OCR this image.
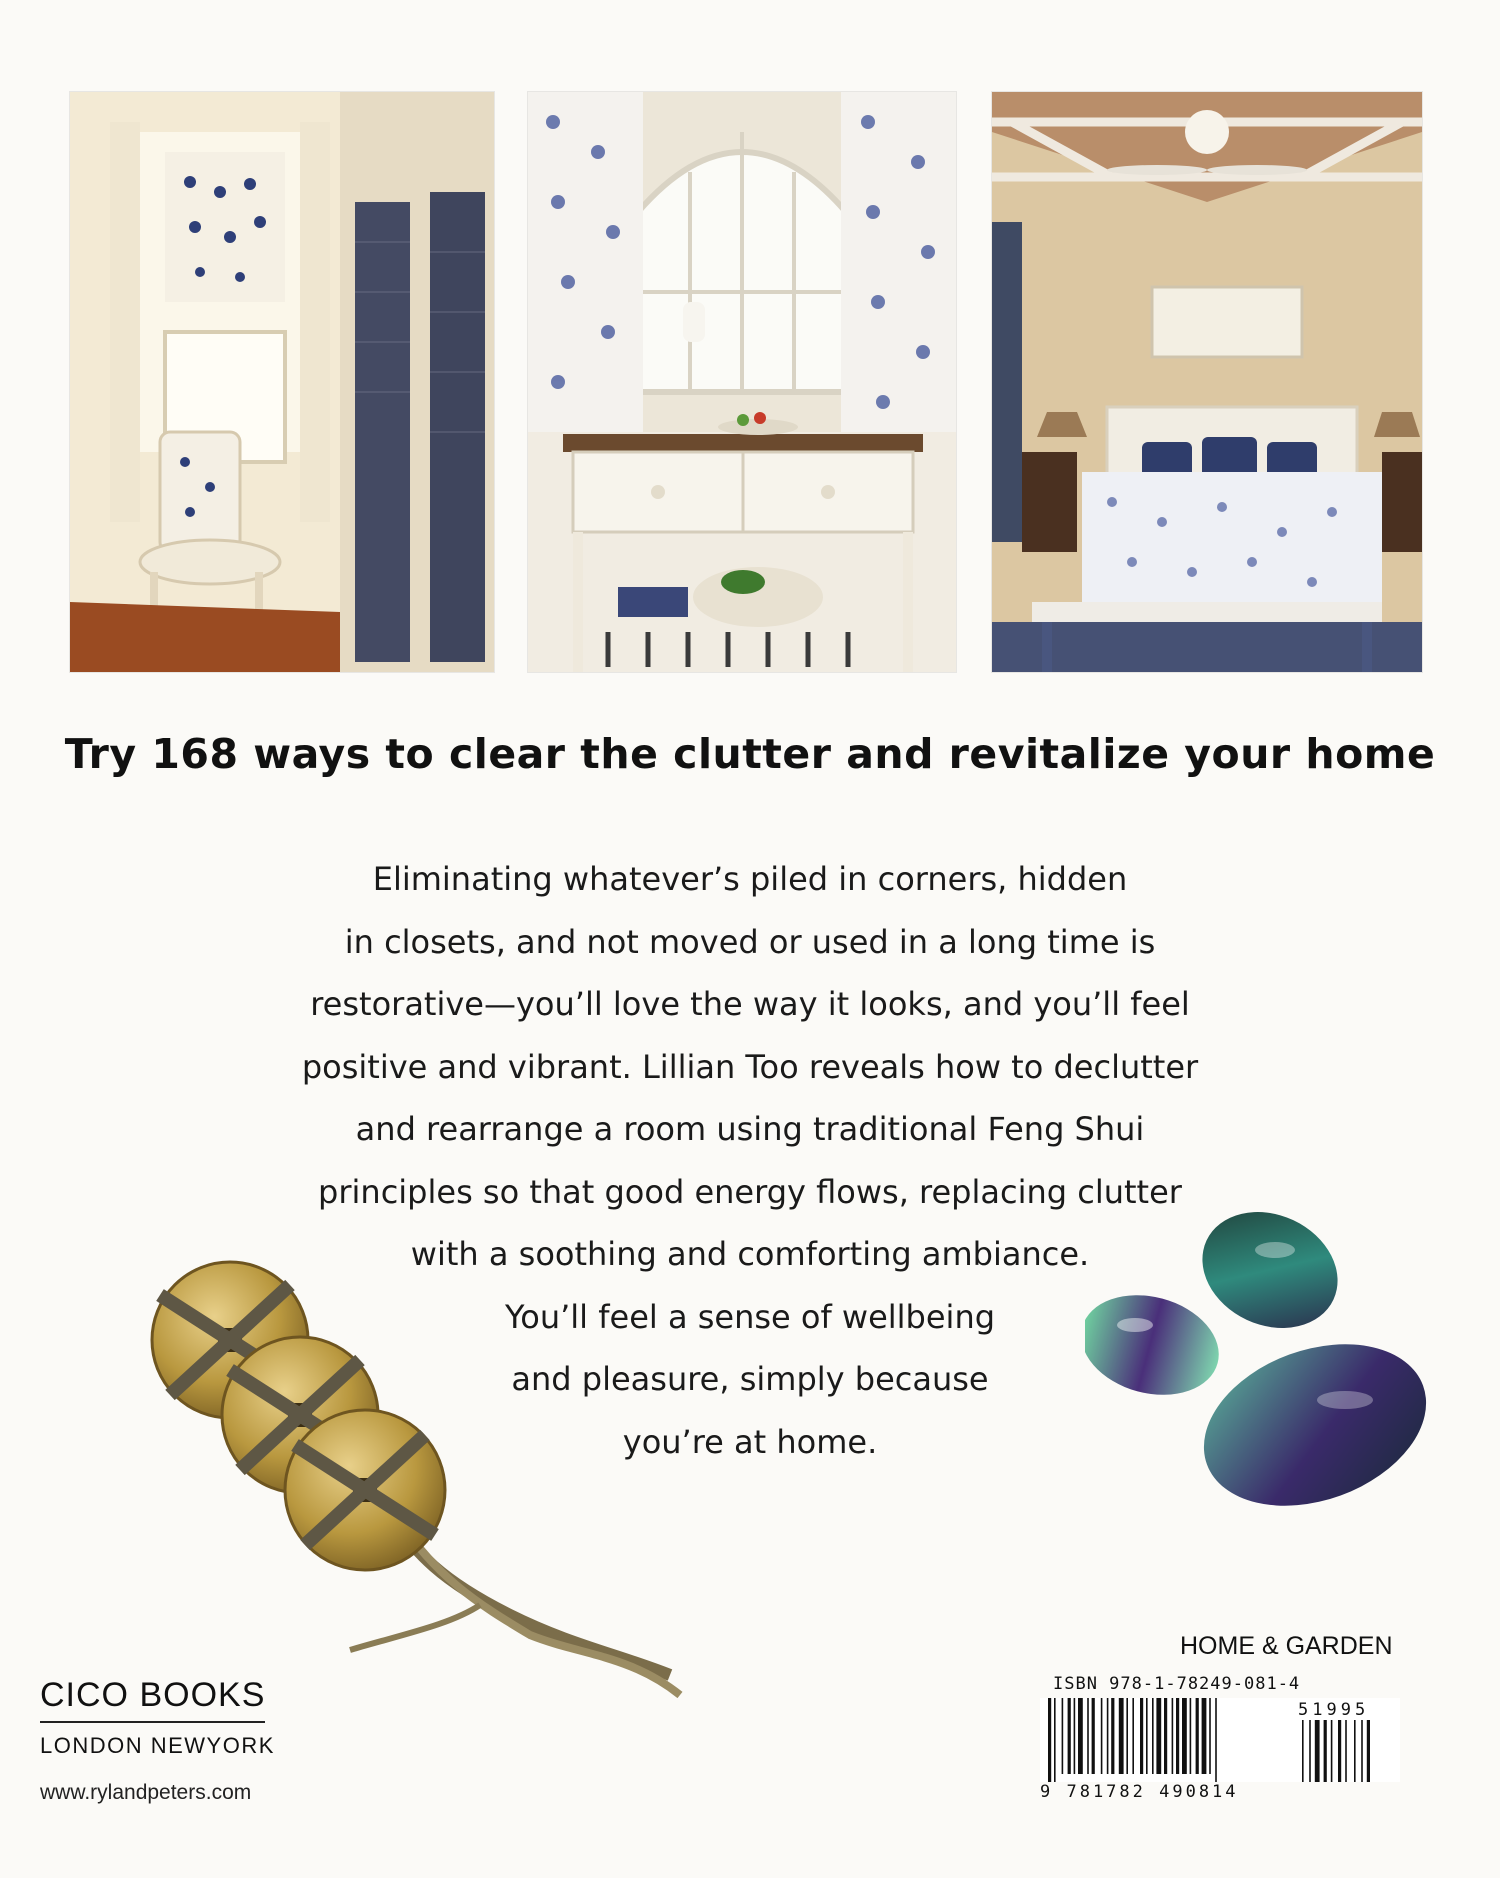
Try 168 ways to clear the clutter and revitalize your home
Eliminating whatever’s piled in corners, hidden
in closets, and not moved or used in a long time is
restorative—you’ll love the way it looks, and you’ll feel
positive and vibrant. Lillian Too reveals how to declutter
and rearrange a room using traditional Feng Shui
principles so that good energy flows, replacing clutter
with a soothing and comforting ambiance.
You’ll feel a sense of wellbeing
and pleasure, simply because
you’re at home.
CICO BOOKS
LONDON NEWYORK
www.rylandpeters.com
HOME & GARDEN
ISBN 978-1-78249-081-4
51995
9 781782 490814
